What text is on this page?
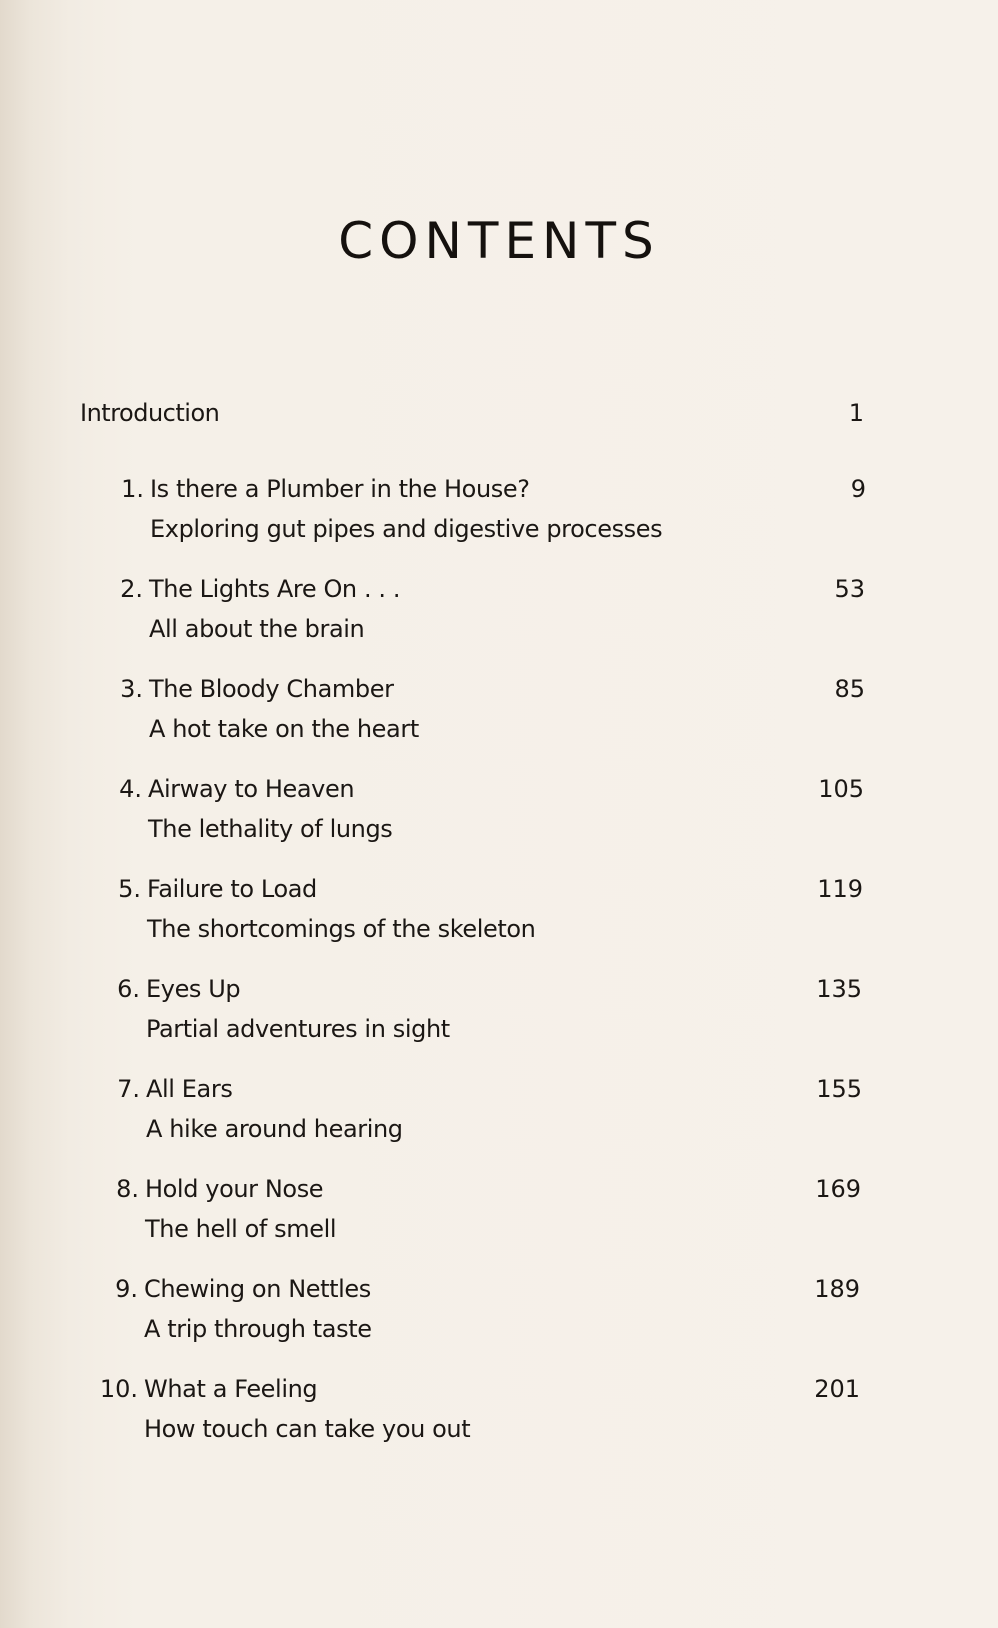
CONTENTS
Introduction	1
1. Is there a Plumber in the House?
Exploring gut pipes and digestive processes
9
2. The Lights Are On . . .
All about the brain
53
3. The Bloody Chamber
A hot take on the heart
85
4. Airway to Heaven
The lethality of lungs
105
5. Failure to Load
The shortcomings of the skeleton
119
6. Eyes Up
Partial adventures in sight
135
7. All Ears
A hike around hearing
155
8. Hold your Nose
The hell of smell
169
9. Chewing on Nettles
A trip through taste
189
10. What a Feeling
How touch can take you out
201
